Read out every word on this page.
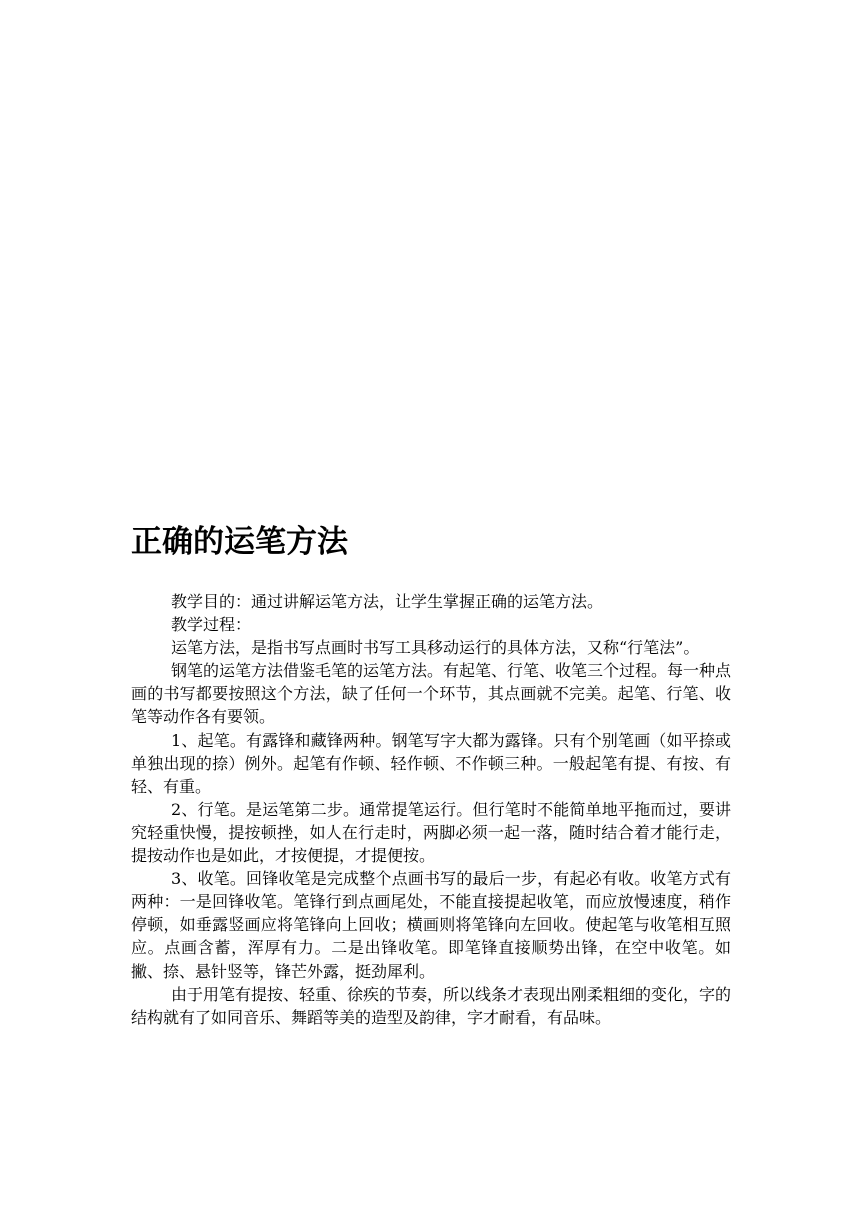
正确的运笔方法

教学目的：通过讲解运笔方法，让学生掌握正确的运笔方法。

教学过程：

运笔方法，是指书写点画时书写工具移动运行的具体方法，又称“行笔法”。

钢笔的运笔方法借鉴毛笔的运笔方法。有起笔、行笔、收笔三个过程。每一种点画的书写都要按照这个方法，缺了任何一个环节，其点画就不完美。起笔、行笔、收笔等动作各有要领。

1、起笔。有露锋和藏锋两种。钢笔写字大都为露锋。只有个别笔画（如平捺或单独出现的捺）例外。起笔有作顿、轻作顿、不作顿三种。一般起笔有提、有按、有轻、有重。

2、行笔。是运笔第二步。通常提笔运行。但行笔时不能简单地平拖而过，要讲究轻重快慢，提按顿挫，如人在行走时，两脚必须一起一落，随时结合着才能行走，提按动作也是如此，才按便提，才提便按。

3、收笔。回锋收笔是完成整个点画书写的最后一步，有起必有收。收笔方式有两种：一是回锋收笔。笔锋行到点画尾处，不能直接提起收笔，而应放慢速度，稍作停顿，如垂露竖画应将笔锋向上回收；横画则将笔锋向左回收。使起笔与收笔相互照应。点画含蓄，浑厚有力。二是出锋收笔。即笔锋直接顺势出锋，在空中收笔。如撇、捺、悬针竖等，锋芒外露，挺劲犀利。

由于用笔有提按、轻重、徐疾的节奏，所以线条才表现出刚柔粗细的变化，字的结构就有了如同音乐、舞蹈等美的造型及韵律，字才耐看，有品味。
